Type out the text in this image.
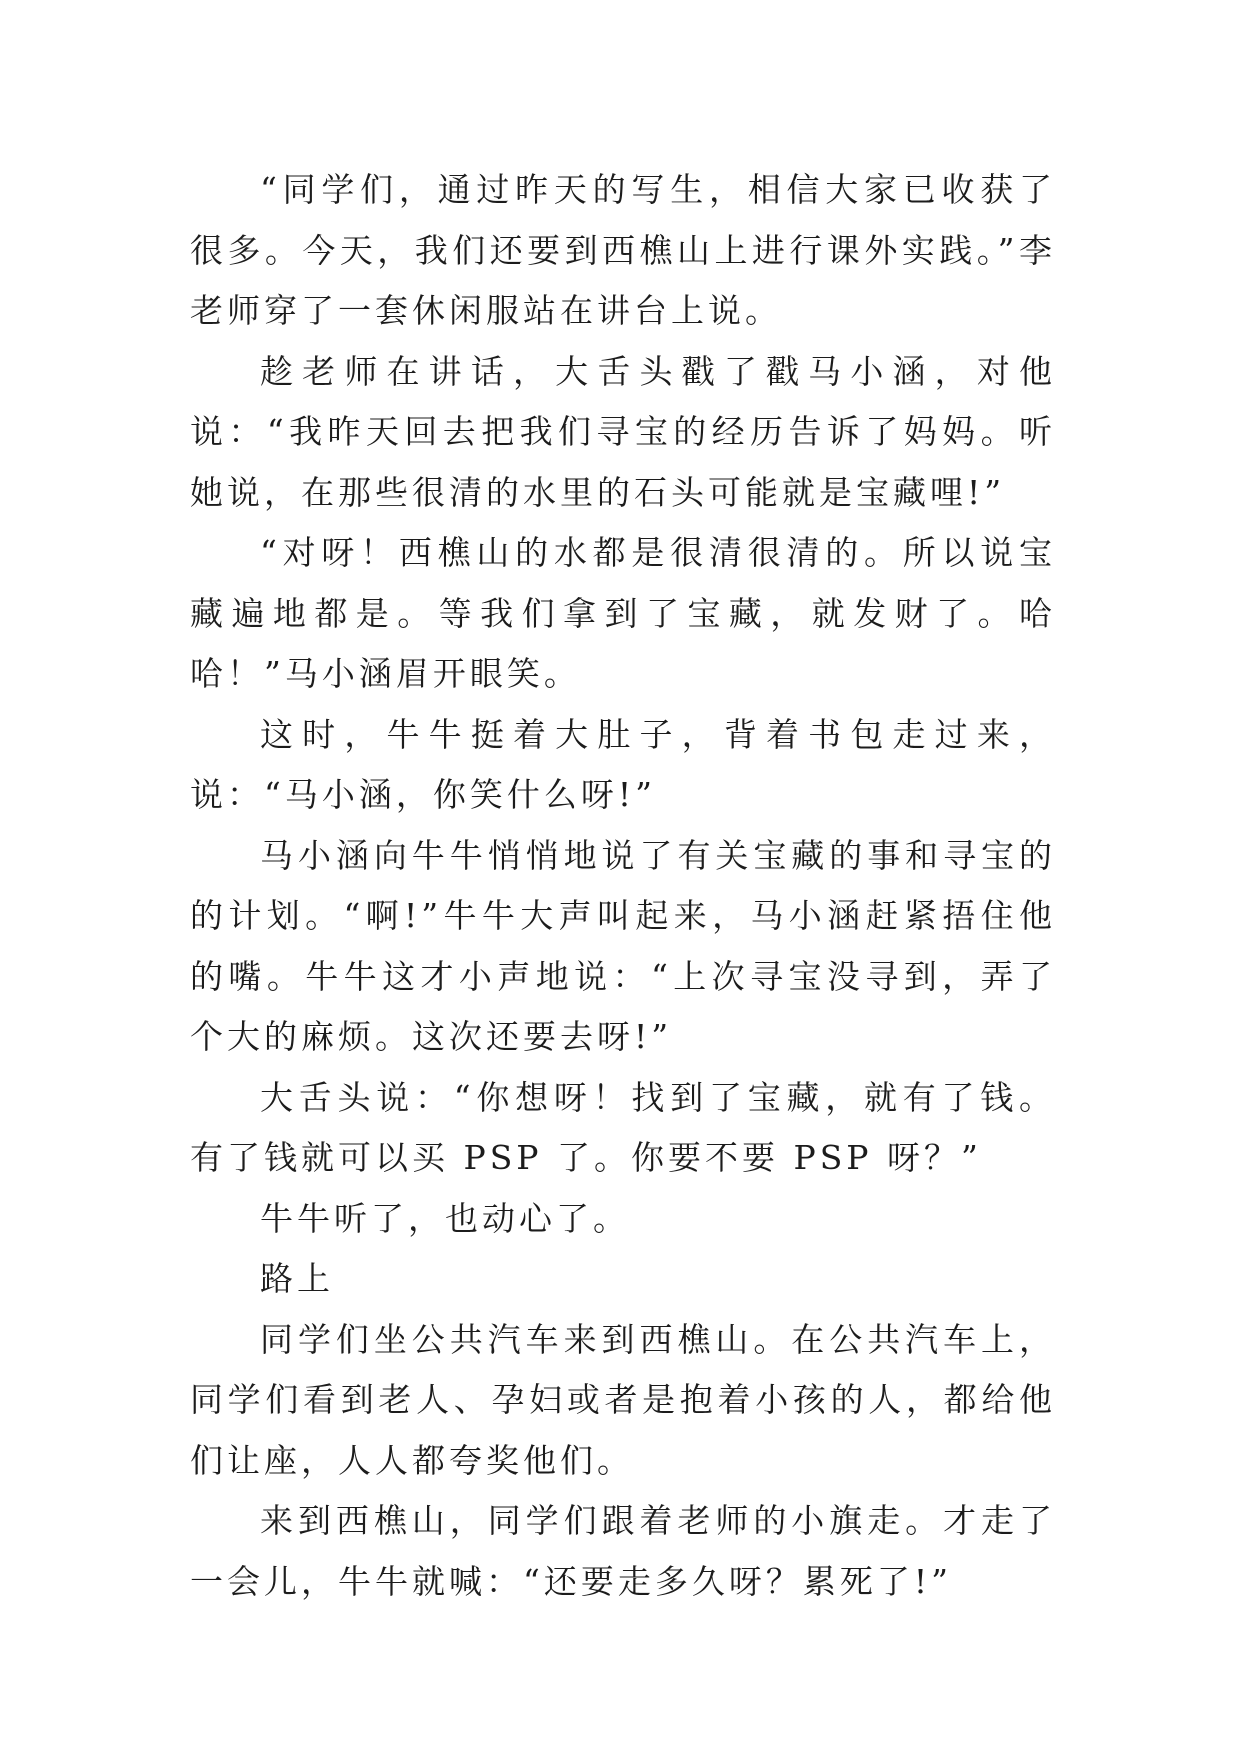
“同学们，通过昨天的写生，相信大家已收获了很多。今天，我们还要到西樵山上进行课外实践。”李老师穿了一套休闲服站在讲台上说。

趁老师在讲话，大舌头戳了戳马小涵，对他说：“我昨天回去把我们寻宝的经历告诉了妈妈。听她说，在那些很清的水里的石头可能就是宝藏哩!”

“对呀！西樵山的水都是很清很清的。所以说宝藏遍地都是。等我们拿到了宝藏，就发财了。哈哈！”马小涵眉开眼笑。

这时，牛牛挺着大肚子，背着书包走过来，说：“马小涵，你笑什么呀!”

马小涵向牛牛悄悄地说了有关宝藏的事和寻宝的的计划。“啊!”牛牛大声叫起来，马小涵赶紧捂住他的嘴。牛牛这才小声地说：“上次寻宝没寻到，弄了个大的麻烦。这次还要去呀!”

大舌头说：“你想呀！找到了宝藏，就有了钱。有了钱就可以买 PSP 了。你要不要 PSP 呀？”

牛牛听了，也动心了。

路上

同学们坐公共汽车来到西樵山。在公共汽车上，同学们看到老人、孕妇或者是抱着小孩的人，都给他们让座，人人都夸奖他们。

来到西樵山，同学们跟着老师的小旗走。才走了一会儿，牛牛就喊：“还要走多久呀？累死了!”
